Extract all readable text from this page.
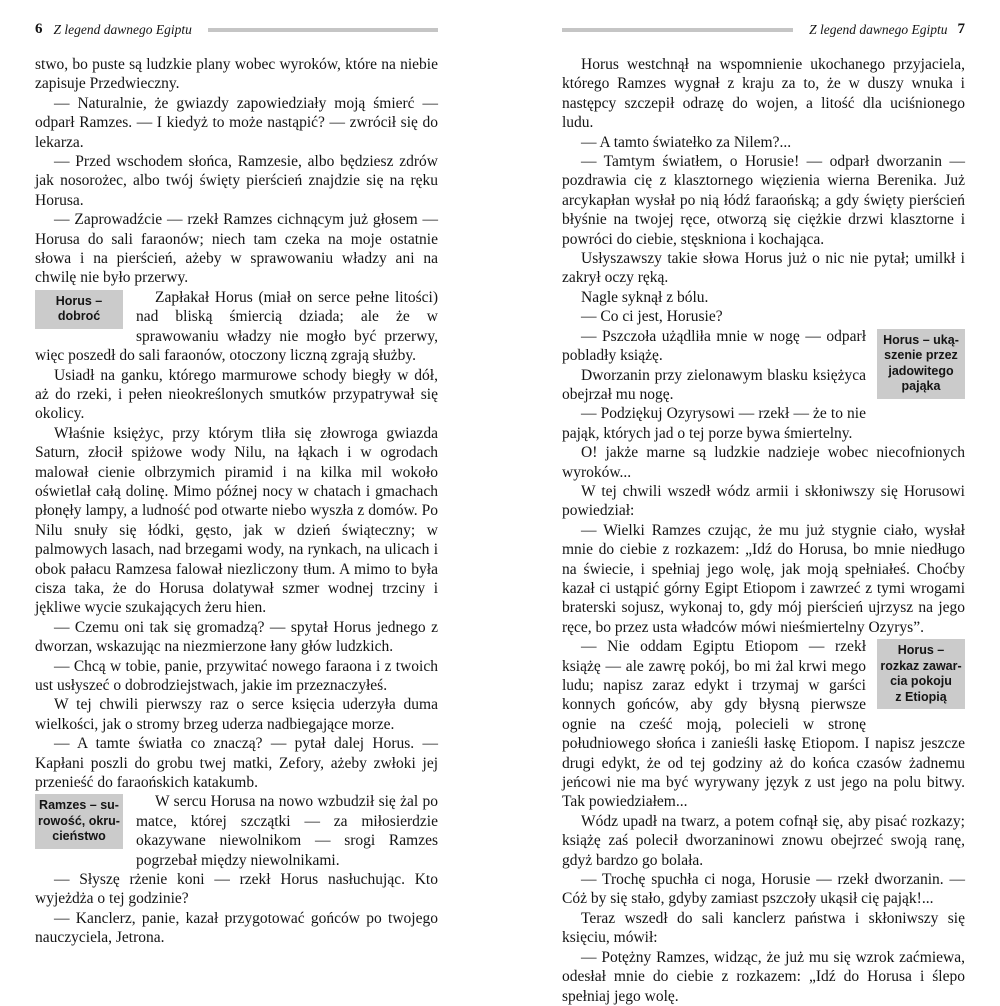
6 Z legend dawnego Egiptu

stwo, bo puste są ludzkie plany wobec wyroków, które na niebie zapisuje Przedwieczny.

— Naturalnie, że gwiazdy zapowiedziały moją śmierć — odparł Ramzes. — I kiedyż to może nastąpić? — zwrócił się do lekarza.

— Przed wschodem słońca, Ramzesie, albo będziesz zdrów jak nosorożec, albo twój święty pierścień znajdzie się na ręku Horusa.

— Zaprowadźcie — rzekł Ramzes cichnącym już głosem — Horusa do sali faraonów; niech tam czeka na moje ostatnie słowa i na pierścień, ażeby w sprawowaniu władzy ani na chwilę nie było przerwy.

Horus –
dobroć

Zapłakał Horus (miał on serce pełne litości) nad bliską śmiercią dziada; ale że w sprawowaniu władzy nie mogło być przerwy, więc poszedł do sali faraonów, otoczony liczną zgrają służby.

Usiadł na ganku, którego marmurowe schody biegły w dół, aż do rzeki, i pełen nieokreślonych smutków przypatrywał się okolicy.

Właśnie księżyc, przy którym tliła się złowroga gwiazda Saturn, złocił spiżowe wody Nilu, na łąkach i w ogrodach malował cienie olbrzymich piramid i na kilka mil wokoło oświetlał całą dolinę. Mimo późnej nocy w chatach i gmachach płonęły lampy, a ludność pod otwarte niebo wyszła z domów. Po Nilu snuły się łódki, gęsto, jak w dzień świąteczny; w palmowych lasach, nad brzegami wody, na rynkach, na ulicach i obok pałacu Ramzesa falował niezliczony tłum. A mimo to była cisza taka, że do Horusa dolatywał szmer wodnej trzciny i jękliwe wycie szukających żeru hien.

— Czemu oni tak się gromadzą? — spytał Horus jednego z dworzan, wskazując na niezmierzone łany głów ludzkich.

— Chcą w tobie, panie, przywitać nowego faraona i z twoich ust usłyszeć o dobrodziejstwach, jakie im przeznaczyłeś.

W tej chwili pierwszy raz o serce księcia uderzyła duma wielkości, jak o stromy brzeg uderza nadbiegające morze.

— A tamte światła co znaczą? — pytał dalej Horus. — Kapłani poszli do grobu twej matki, Zefory, ażeby zwłoki jej przenieść do faraońskich katakumb.

Ramzes – su-
rowość, okru-
cieństwo

W sercu Horusa na nowo wzbudził się żal po matce, której szczątki — za miłosierdzie okazywane niewolnikom — srogi Ramzes pogrzebał między niewolnikami.

— Słyszę rżenie koni — rzekł Horus nasłuchując. Kto wyjeżdża o tej godzinie?

— Kanclerz, panie, kazał przygotować gońców po twojego nauczyciela, Jetrona.

Z legend dawnego Egiptu 7

Horus westchnął na wspomnienie ukochanego przyjaciela, którego Ramzes wygnał z kraju za to, że w duszy wnuka i następcy szczepił odrazę do wojen, a litość dla uciśnionego ludu.

— A tamto światełko za Nilem?...

— Tamtym światłem, o Horusie! — odparł dworzanin — pozdrawia cię z klasztornego więzienia wierna Berenika. Już arcykapłan wysłał po nią łódź faraońską; a gdy święty pierścień błyśnie na twojej ręce, otworzą się ciężkie drzwi klasztorne i powróci do ciebie, stęskniona i kochająca.

Usłyszawszy takie słowa Horus już o nic nie pytał; umilkł i zakrył oczy ręką.

Nagle syknął z bólu.

— Co ci jest, Horusie?

Horus – uką-
szenie przez
jadowitego
pająka

— Pszczoła użądliła mnie w nogę — odparł pobladły książę.

Dworzanin przy zielonawym blasku księżyca obejrzał mu nogę.

— Podziękuj Ozyrysowi — rzekł — że to nie pająk, których jad o tej porze bywa śmiertelny.

O! jakże marne są ludzkie nadzieje wobec niecofnionych wyroków...

W tej chwili wszedł wódz armii i skłoniwszy się Horusowi powiedział:

— Wielki Ramzes czując, że mu już stygnie ciało, wysłał mnie do ciebie z rozkazem: „Idź do Horusa, bo mnie niedługo na świecie, i spełniaj jego wolę, jak moją spełniałeś. Choćby kazał ci ustąpić górny Egipt Etiopom i zawrzeć z tymi wrogami braterski sojusz, wykonaj to, gdy mój pierścień ujrzysz na jego ręce, bo przez usta władców mówi nieśmiertelny Ozyrys”.

Horus –
rozkaz zawar-
cia pokoju
z Etiopią

— Nie oddam Egiptu Etiopom — rzekł książę — ale zawrę pokój, bo mi żal krwi mego ludu; napisz zaraz edykt i trzymaj w garści konnych gońców, aby gdy błysną pierwsze ognie na cześć moją, polecieli w stronę południowego słońca i zanieśli łaskę Etiopom. I napisz jeszcze drugi edykt, że od tej godziny aż do końca czasów żadnemu jeńcowi nie ma być wyrywany język z ust jego na polu bitwy. Tak powiedziałem...

Wódz upadł na twarz, a potem cofnął się, aby pisać rozkazy; książę zaś polecił dworzaninowi znowu obejrzeć swoją ranę, gdyż bardzo go bolała.

— Trochę spuchła ci noga, Horusie — rzekł dworzanin. — Cóż by się stało, gdyby zamiast pszczoły ukąsił cię pająk!...

Teraz wszedł do sali kanclerz państwa i skłoniwszy się księciu, mówił:

— Potężny Ramzes, widząc, że już mu się wzrok zaćmiewa, odesłał mnie do ciebie z rozkazem: „Idź do Horusa i ślepo spełniaj jego wolę.
